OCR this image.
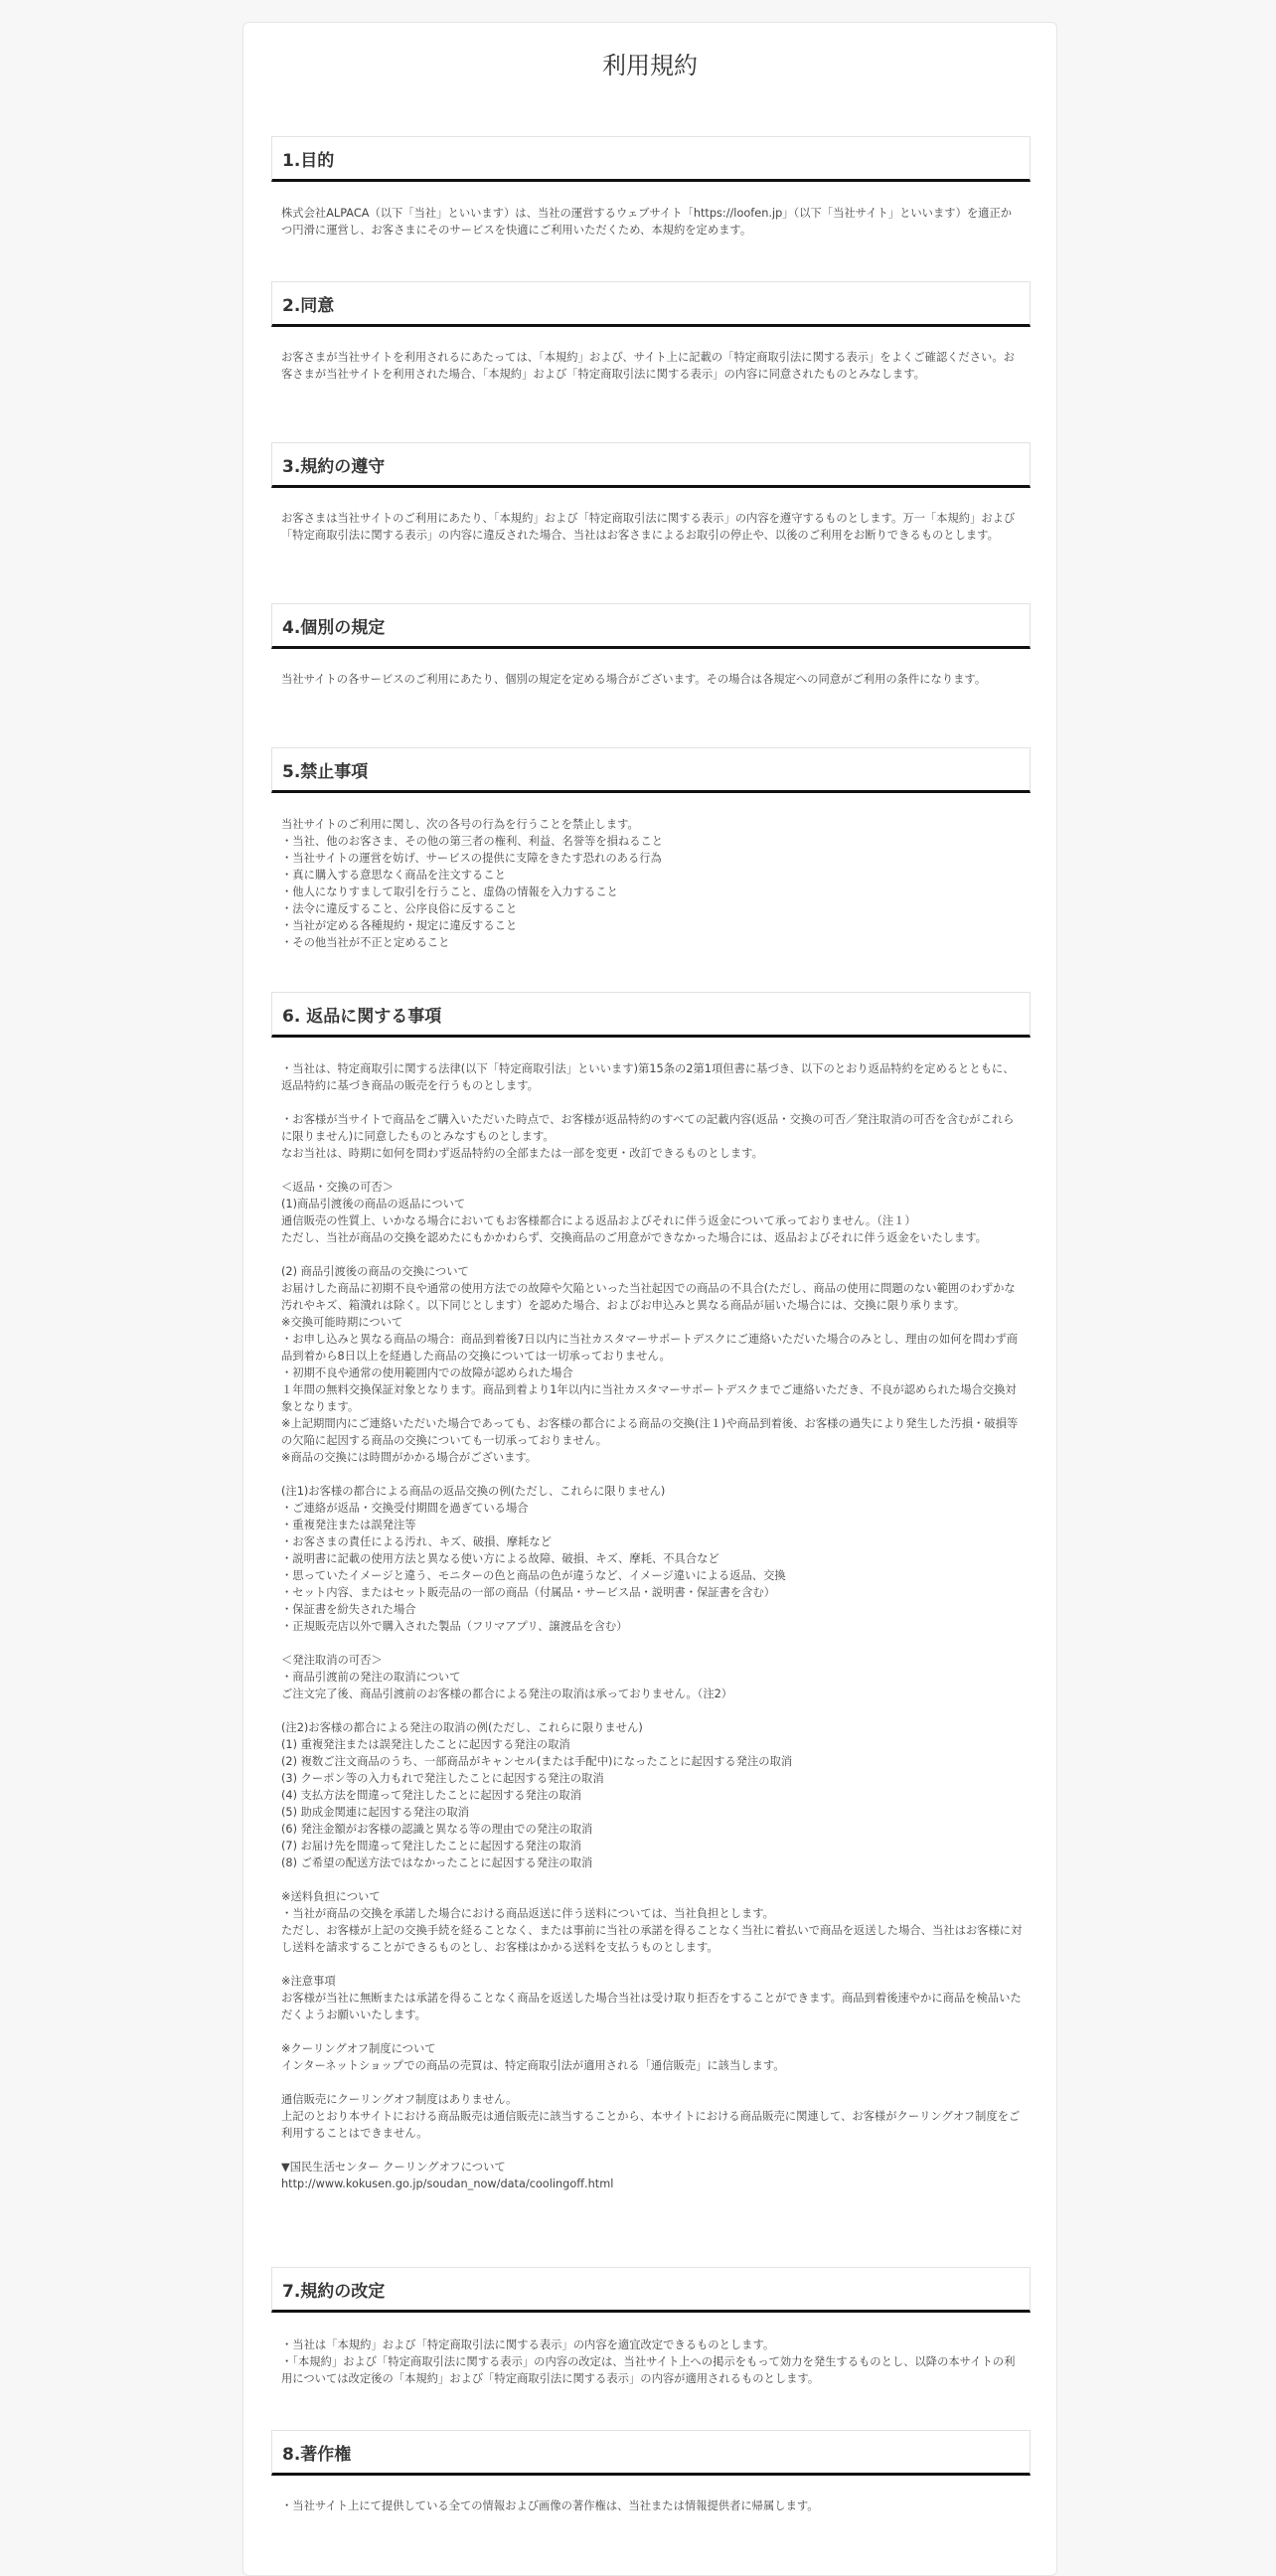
利用規約
1.目的
株式会社ALPACA（以下「当社」といいます）は、当社の運営するウェブサイト「https://loofen.jp」（以下「当社サイト」といいます）を適正かつ円滑に運営し、お客さまにそのサービスを快適にご利用いただくため、本規約を定めます。
2.同意
お客さまが当社サイトを利用されるにあたっては、「本規約」および、サイト上に記載の「特定商取引法に関する表示」をよくご確認ください。お客さまが当社サイトを利用された場合、「本規約」および「特定商取引法に関する表示」の内容に同意されたものとみなします。
3.規約の遵守
お客さまは当社サイトのご利用にあたり、「本規約」および「特定商取引法に関する表示」の内容を遵守するものとします。万一「本規約」および「特定商取引法に関する表示」の内容に違反された場合、当社はお客さまによるお取引の停止や、以後のご利用をお断りできるものとします。
4.個別の規定
当社サイトの各サービスのご利用にあたり、個別の規定を定める場合がございます。その場合は各規定への同意がご利用の条件になります。
5.禁止事項
当社サイトのご利用に関し、次の各号の行為を行うことを禁止します。
・当社、他のお客さま、その他の第三者の権利、利益、名誉等を損ねること
・当社サイトの運営を妨げ、サービスの提供に支障をきたす恐れのある行為
・真に購入する意思なく商品を注文すること
・他人になりすまして取引を行うこと、虚偽の情報を入力すること
・法令に違反すること、公序良俗に反すること
・当社が定める各種規約・規定に違反すること
・その他当社が不正と定めること
6. 返品に関する事項
・当社は、特定商取引に関する法律(以下「特定商取引法」といいます)第15条の2第1項但書に基づき、以下のとおり返品特約を定めるとともに、返品特約に基づき商品の販売を行うものとします。

・お客様が当サイトで商品をご購入いただいた時点で、お客様が返品特約のすべての記載内容(返品・交換の可否／発注取消の可否を含むがこれらに限りません)に同意したものとみなすものとします。
なお当社は、時期に如何を問わず返品特約の全部または一部を変更・改訂できるものとします。

＜返品・交換の可否＞
(1)商品引渡後の商品の返品について
通信販売の性質上、いかなる場合においてもお客様都合による返品およびそれに伴う返金について承っておりません。（注１）
ただし、当社が商品の交換を認めたにもかかわらず、交換商品のご用意ができなかった場合には、返品およびそれに伴う返金をいたします。

(2) 商品引渡後の商品の交換について
お届けした商品に初期不良や通常の使用方法での故障や欠陥といった当社起因での商品の不具合(ただし、商品の使用に問題のない範囲のわずかな汚れやキズ、箱潰れは除く。以下同じとします）を認めた場合、およびお申込みと異なる商品が届いた場合には、交換に限り承ります。
※交換可能時期について
・お申し込みと異なる商品の場合：商品到着後7日以内に当社カスタマーサポートデスクにご連絡いただいた場合のみとし、理由の如何を問わず商品到着から8日以上を経過した商品の交換については一切承っておりません。
・初期不良や通常の使用範囲内での故障が認められた場合
１年間の無料交換保証対象となります。商品到着より1年以内に当社カスタマーサポートデスクまでご連絡いただき、不良が認められた場合交換対象となります。
※上記期間内にご連絡いただいた場合であっても、お客様の都合による商品の交換(注１)や商品到着後、お客様の過失により発生した汚損・破損等の欠陥に起因する商品の交換についても一切承っておりません。
※商品の交換には時間がかかる場合がございます。

(注1)お客様の都合による商品の返品交換の例(ただし、これらに限りません)
・ご連絡が返品・交換受付期間を過ぎている場合
・重複発注または誤発注等
・お客さまの責任による汚れ、キズ、破損、摩耗など
・説明書に記載の使用方法と異なる使い方による故障、破損、キズ、摩耗、不具合など
・思っていたイメージと違う、モニターの色と商品の色が違うなど、イメージ違いによる返品、交換
・セット内容、またはセット販売品の一部の商品（付属品・サービス品・説明書・保証書を含む）
・保証書を紛失された場合
・正規販売店以外で購入された製品（フリマアプリ、譲渡品を含む）

＜発注取消の可否＞
・商品引渡前の発注の取消について
ご注文完了後、商品引渡前のお客様の都合による発注の取消は承っておりません。（注2）

(注2)お客様の都合による発注の取消の例(ただし、これらに限りません)
(1) 重複発注または誤発注したことに起因する発注の取消
(2) 複数ご注文商品のうち、一部商品がキャンセル(または手配中)になったことに起因する発注の取消
(3) クーポン等の入力もれで発注したことに起因する発注の取消
(4) 支払方法を間違って発注したことに起因する発注の取消
(5) 助成金関連に起因する発注の取消
(6) 発注金額がお客様の認識と異なる等の理由での発注の取消
(7) お届け先を間違って発注したことに起因する発注の取消
(8) ご希望の配送方法ではなかったことに起因する発注の取消

※送料負担について
・当社が商品の交換を承諾した場合における商品返送に伴う送料については、当社負担とします。
ただし、お客様が上記の交換手続を経ることなく、または事前に当社の承諾を得ることなく当社に着払いで商品を返送した場合、当社はお客様に対し送料を請求することができるものとし、お客様はかかる送料を支払うものとします。

※注意事項
お客様が当社に無断または承諾を得ることなく商品を返送した場合当社は受け取り拒否をすることができます。商品到着後速やかに商品を検品いただくようお願いいたします。

※クーリングオフ制度について
インターネットショップでの商品の売買は、特定商取引法が適用される「通信販売」に該当します。

通信販売にクーリングオフ制度はありません。
上記のとおり本サイトにおける商品販売は通信販売に該当することから、本サイトにおける商品販売に関連して、お客様がクーリングオフ制度をご利用することはできません。

▼国民生活センター クーリングオフについて
http://www.kokusen.go.jp/soudan_now/data/coolingoff.html
7.規約の改定
・当社は「本規約」および「特定商取引法に関する表示」の内容を適宜改定できるものとします。
・「本規約」および「特定商取引法に関する表示」の内容の改定は、当社サイト上への掲示をもって効力を発生するものとし、以降の本サイトの利用については改定後の「本規約」および「特定商取引法に関する表示」の内容が適用されるものとします。
8.著作権
・当社サイト上にて提供している全ての情報および画像の著作権は、当社または情報提供者に帰属します。
